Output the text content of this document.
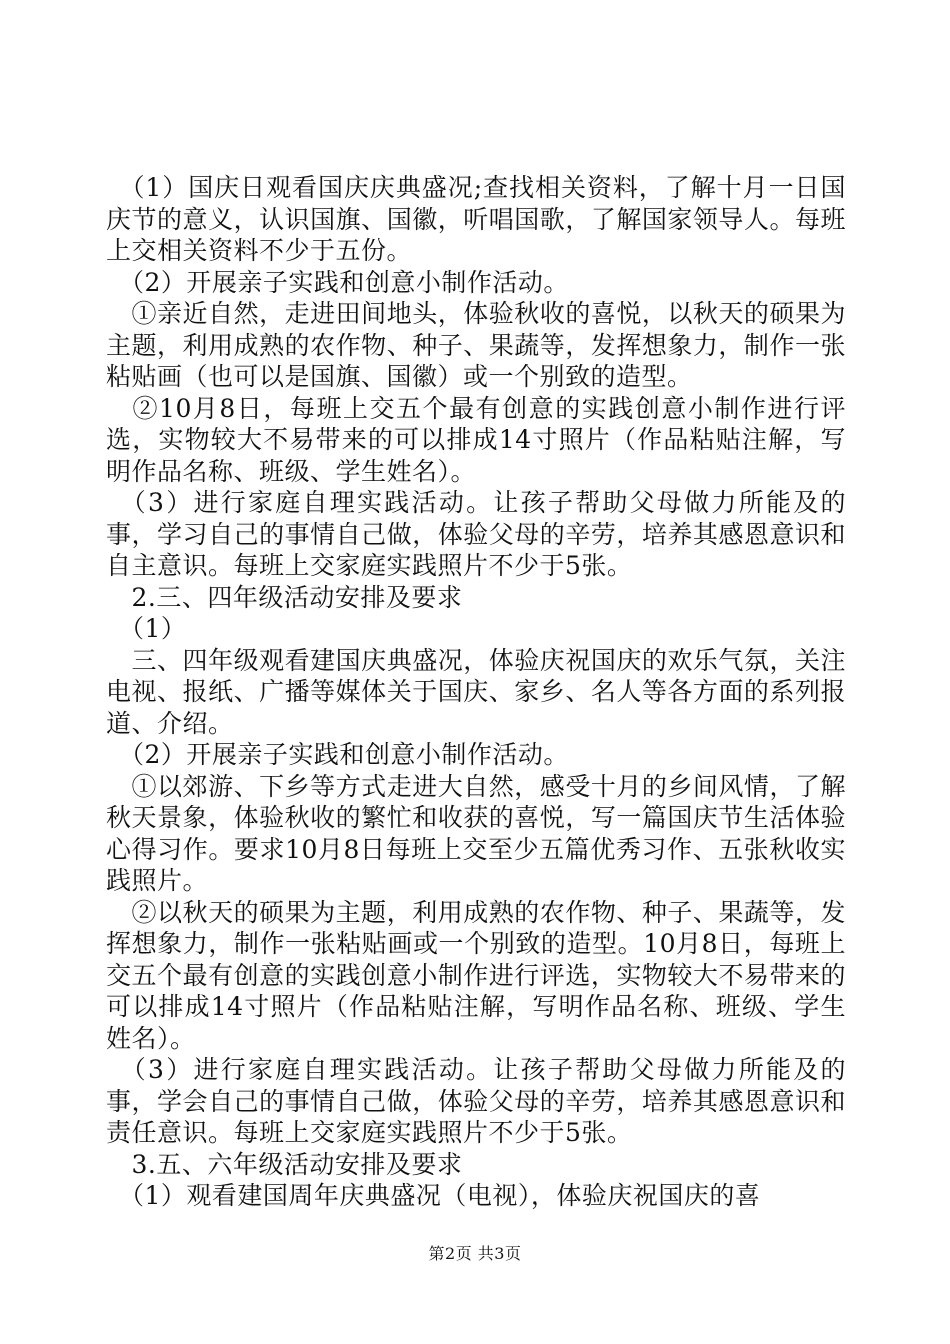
　（1）国庆日观看国庆庆典盛况;查找相关资料，了解十月一日国庆节的意义，认识国旗、国徽，听唱国歌，了解国家领导人。每班上交相关资料不少于五份。

　（2）开展亲子实践和创意小制作活动。

　①亲近自然，走进田间地头，体验秋收的喜悦，以秋天的硕果为主题，利用成熟的农作物、种子、果蔬等，发挥想象力，制作一张粘贴画（也可以是国旗、国徽）或一个别致的造型。

　②10月8日，每班上交五个最有创意的实践创意小制作进行评选，实物较大不易带来的可以排成14寸照片（作品粘贴注解，写明作品名称、班级、学生姓名）。

　（3）进行家庭自理实践活动。让孩子帮助父母做力所能及的事，学习自己的事情自己做，体验父母的辛劳，培养其感恩意识和自主意识。每班上交家庭实践照片不少于5张。

　2.三、四年级活动安排及要求

　（1）

　三、四年级观看建国庆典盛况，体验庆祝国庆的欢乐气氛，关注电视、报纸、广播等媒体关于国庆、家乡、名人等各方面的系列报道、介绍。

　（2）开展亲子实践和创意小制作活动。

　①以郊游、下乡等方式走进大自然，感受十月的乡间风情，了解秋天景象，体验秋收的繁忙和收获的喜悦，写一篇国庆节生活体验心得习作。要求10月8日每班上交至少五篇优秀习作、五张秋收实践照片。

　②以秋天的硕果为主题，利用成熟的农作物、种子、果蔬等，发挥想象力，制作一张粘贴画或一个别致的造型。10月8日，每班上交五个最有创意的实践创意小制作进行评选，实物较大不易带来的可以排成14寸照片（作品粘贴注解，写明作品名称、班级、学生姓名）。

　（3）进行家庭自理实践活动。让孩子帮助父母做力所能及的事，学会自己的事情自己做，体验父母的辛劳，培养其感恩意识和责任意识。每班上交家庭实践照片不少于5张。

　3.五、六年级活动安排及要求

　（1）观看建国周年庆典盛况（电视），体验庆祝国庆的喜

第2页 共3页
